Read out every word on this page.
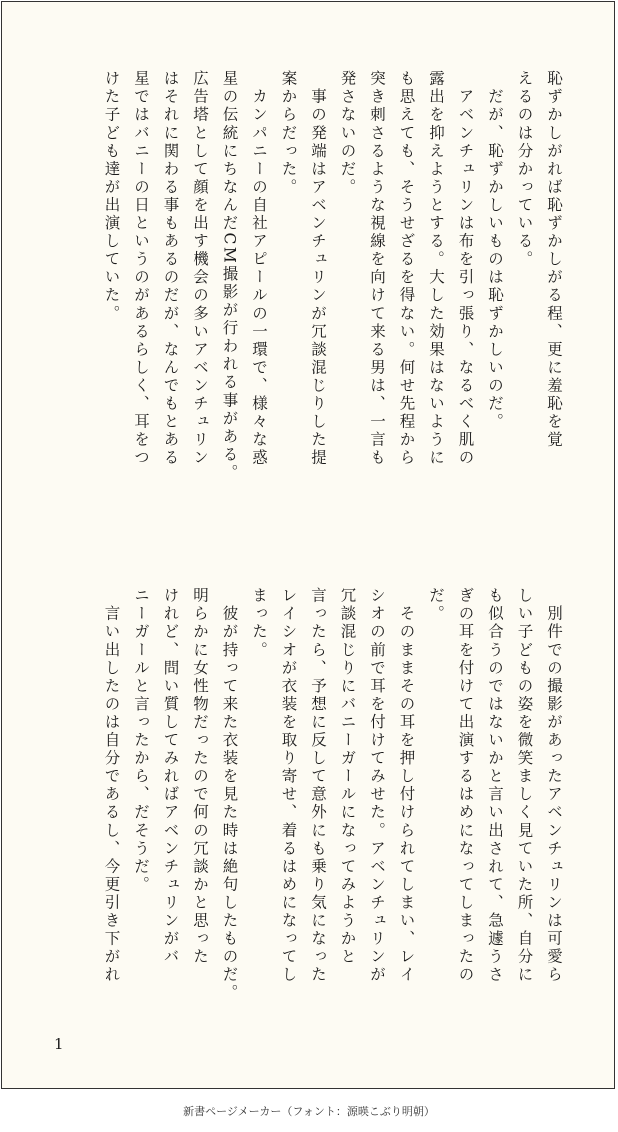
恥ずかしがれば恥ずかしがる程、更に羞恥を覚
えるのは分かっている。
　だが、恥ずかしいものは恥ずかしいのだ。
　アベンチュリンは布を引っ張り、なるべく肌の
露出を抑えようとする。大した効果はないように
も思えても、そうせざるを得ない。何せ先程から
突き刺さるような視線を向けて来る男は、一言も
発さないのだ。
　事の発端はアベンチュリンが冗談混じりした提
案からだった。
　カンパニーの自社アピールの一環で、様々な惑
星の伝統にちなんだCM撮影が行われる事がある。
広告塔として顔を出す機会の多いアベンチュリン
はそれに関わる事もあるのだが、なんでもとある
星ではバニーの日というのがあるらしく、耳をつ
けた子ども達が出演していた。
　別件での撮影があったアベンチュリンは可愛ら
しい子どもの姿を微笑ましく見ていた所、自分に
も似合うのではないかと言い出されて、急遽うさ
ぎの耳を付けて出演するはめになってしまったの
だ。
　そのままその耳を押し付けられてしまい、レイ
シオの前で耳を付けてみせた。アベンチュリンが
冗談混じりにバニーガールになってみようかと
言ったら、予想に反して意外にも乗り気になった
レイシオが衣装を取り寄せ、着るはめになってし
まった。
　彼が持って来た衣装を見た時は絶句したものだ。
明らかに女性物だったので何の冗談かと思った
けれど、問い質してみればアベンチュリンがバ
ニーガールと言ったから、だそうだ。
　言い出したのは自分であるし、今更引き下がれ
1
新書ページメーカー（フォント：源暎こぶり明朝）
